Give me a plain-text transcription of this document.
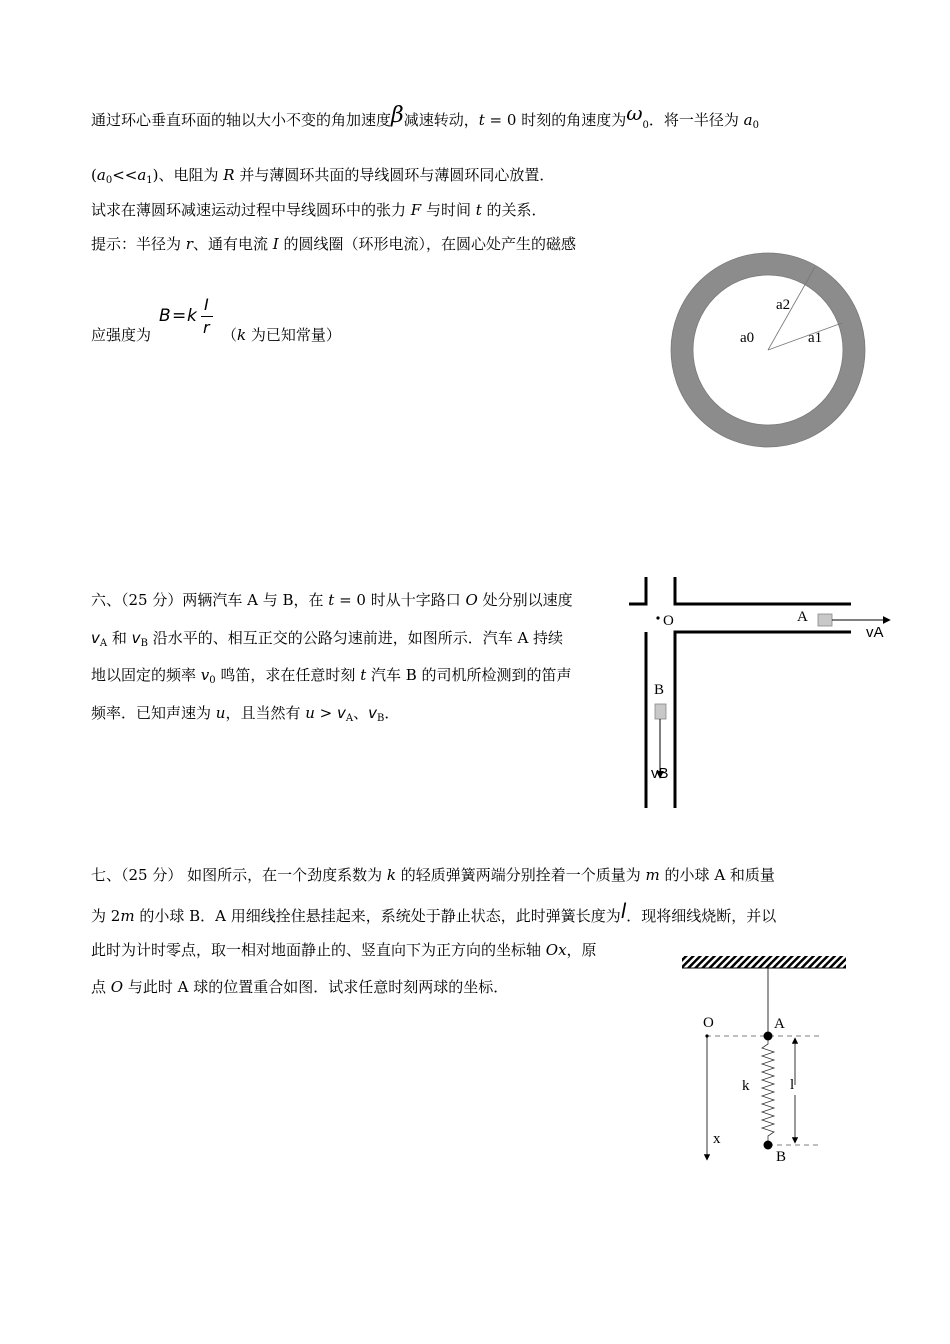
通过环心垂直环面的轴以大小不变的角加速度β减速转动，t = 0 时刻的角速度为$\omega_0$．将一半径为 $a_0$
$(a_0<<a_1)$、电阻为 R 并与薄圆环共面的导线圆环与薄圆环同心放置．
试求在薄圆环减速运动过程中导线圆环中的张力 F 与时间 t 的关系．
提示：半径为 r、通有电流 I 的圆线圈（环形电流），在圆心处产生的磁感
应强度为
B = k
I
r （k 为已知常量）
六、（25 分）两辆汽车 A 与 B，在 t = 0 时从十字路口 O 处分别以速度
$v_A$ 和 $v_B$ 沿水平的、相互正交的公路匀速前进，如图所示．汽车 A 持续
地以固定的频率 $v_0$ 鸣笛，求在任意时刻 t 汽车 B 的司机所检测到的笛声
频率．已知声速为 u，且当然有 $u > v_A$、$v_B$．
七、（25 分） 如图所示，在一个劲度系数为 k 的轻质弹簧两端分别拴着一个质量为 m 的小球 A 和质量
为 2m 的小球 B．A 用细线拴住悬挂起来，系统处于静止状态，此时弹簧长度为l．现将细线烧断，并以
此时为计时零点，取一相对地面静止的、竖直向下为正方向的坐标轴 Ox，原
点 O 与此时 A 球的位置重合如图．试求任意时刻两球的坐标．
a2
a0	a1
O	A
vA
B
vB
A
B
O
k	l
x
